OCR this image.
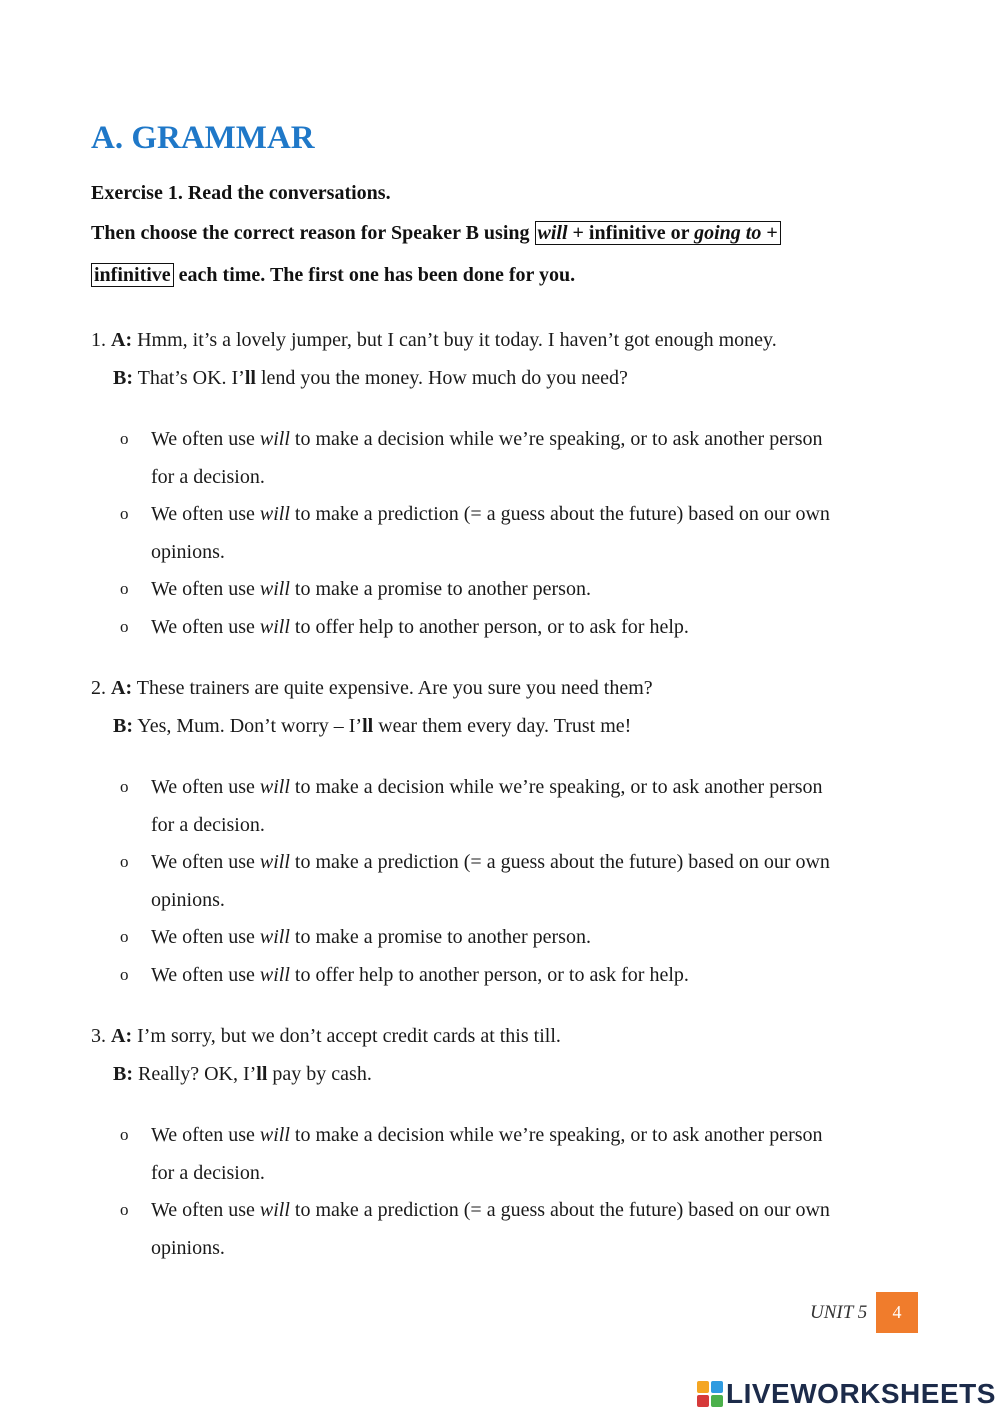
A. GRAMMAR

Exercise 1. Read the conversations.

Then choose the correct reason for Speaker B using will + infinitive or going to +

infinitive each time. The first one has been done for you.

1. A: Hmm, it’s a lovely jumper, but I can’t buy it today. I haven’t got enough money.

B: That’s OK. I’ll lend you the money. How much do you need?

o We often use will to make a decision while we’re speaking, or to ask another person
for a decision.
o We often use will to make a prediction (= a guess about the future) based on our own
opinions.
o We often use will to make a promise to another person.
o We often use will to offer help to another person, or to ask for help.

2. A: These trainers are quite expensive. Are you sure you need them?

B: Yes, Mum. Don’t worry – I’ll wear them every day. Trust me!

o We often use will to make a decision while we’re speaking, or to ask another person
for a decision.
o We often use will to make a prediction (= a guess about the future) based on our own
opinions.
o We often use will to make a promise to another person.
o We often use will to offer help to another person, or to ask for help.

3. A: I’m sorry, but we don’t accept credit cards at this till.

B: Really? OK, I’ll pay by cash.

o We often use will to make a decision while we’re speaking, or to ask another person
for a decision.
o We often use will to make a prediction (= a guess about the future) based on our own
opinions.
UNIT 5	4
LIVEWORKSHEETS
